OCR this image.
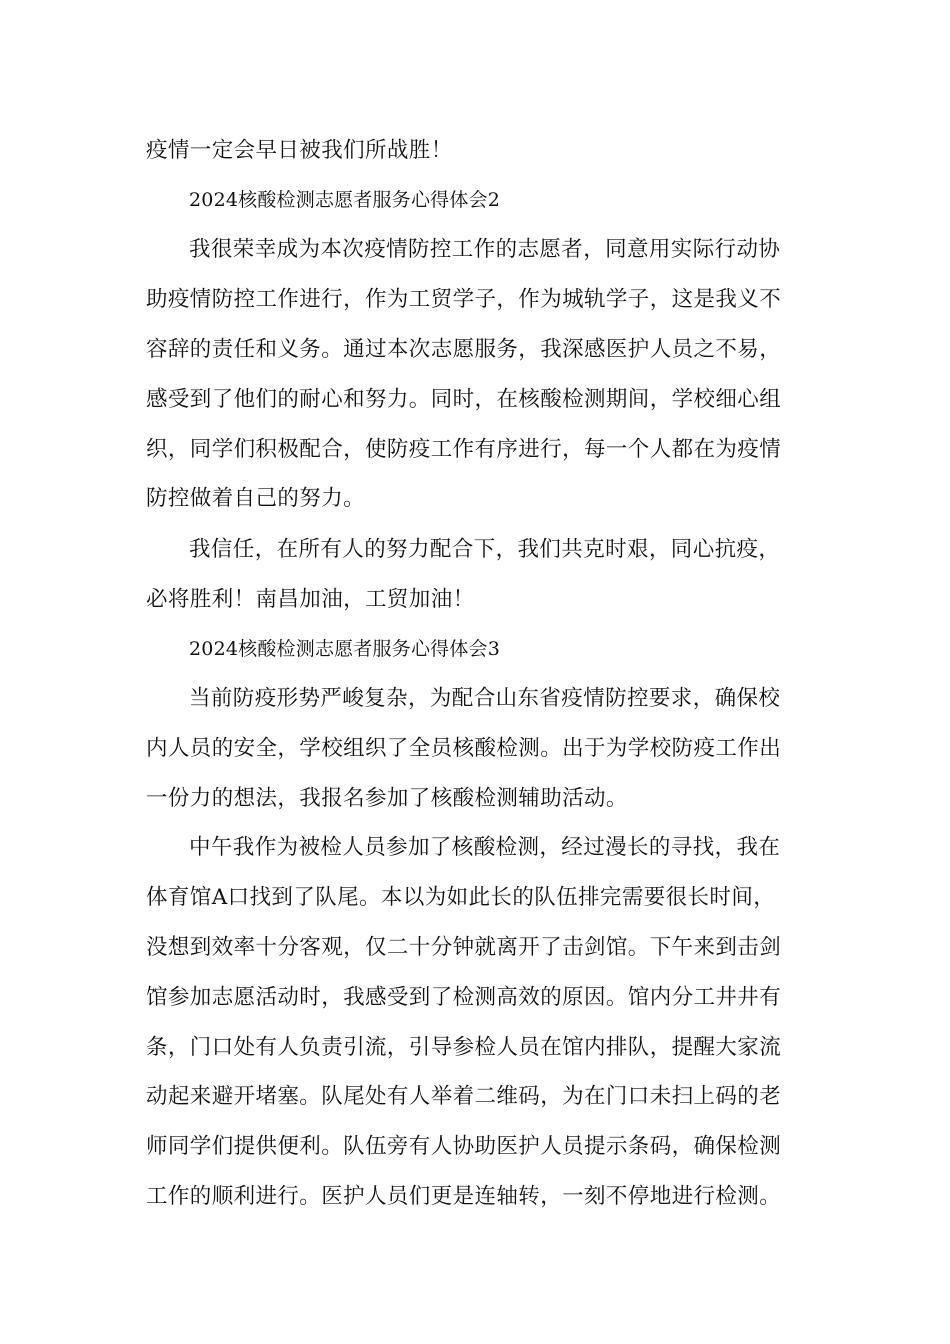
疫情一定会早日被我们所战胜！
2024核酸检测志愿者服务心得体会2
我很荣幸成为本次疫情防控工作的志愿者，同意用实际行动协
助疫情防控工作进行，作为工贸学子，作为城轨学子，这是我义不
容辞的责任和义务。通过本次志愿服务，我深感医护人员之不易，
感受到了他们的耐心和努力。同时，在核酸检测期间，学校细心组
织，同学们积极配合，使防疫工作有序进行，每一个人都在为疫情
防控做着自己的努力。
我信任，在所有人的努力配合下，我们共克时艰，同心抗疫，
必将胜利！南昌加油，工贸加油！
2024核酸检测志愿者服务心得体会3
当前防疫形势严峻复杂，为配合山东省疫情防控要求，确保校
内人员的安全，学校组织了全员核酸检测。出于为学校防疫工作出
一份力的想法，我报名参加了核酸检测辅助活动。
中午我作为被检人员参加了核酸检测，经过漫长的寻找，我在
体育馆A口找到了队尾。本以为如此长的队伍排完需要很长时间，
没想到效率十分客观，仅二十分钟就离开了击剑馆。下午来到击剑
馆参加志愿活动时，我感受到了检测高效的原因。馆内分工井井有
条，门口处有人负责引流，引导参检人员在馆内排队，提醒大家流
动起来避开堵塞。队尾处有人举着二维码，为在门口未扫上码的老
师同学们提供便利。队伍旁有人协助医护人员提示条码，确保检测
工作的顺利进行。医护人员们更是连轴转，一刻不停地进行检测。
